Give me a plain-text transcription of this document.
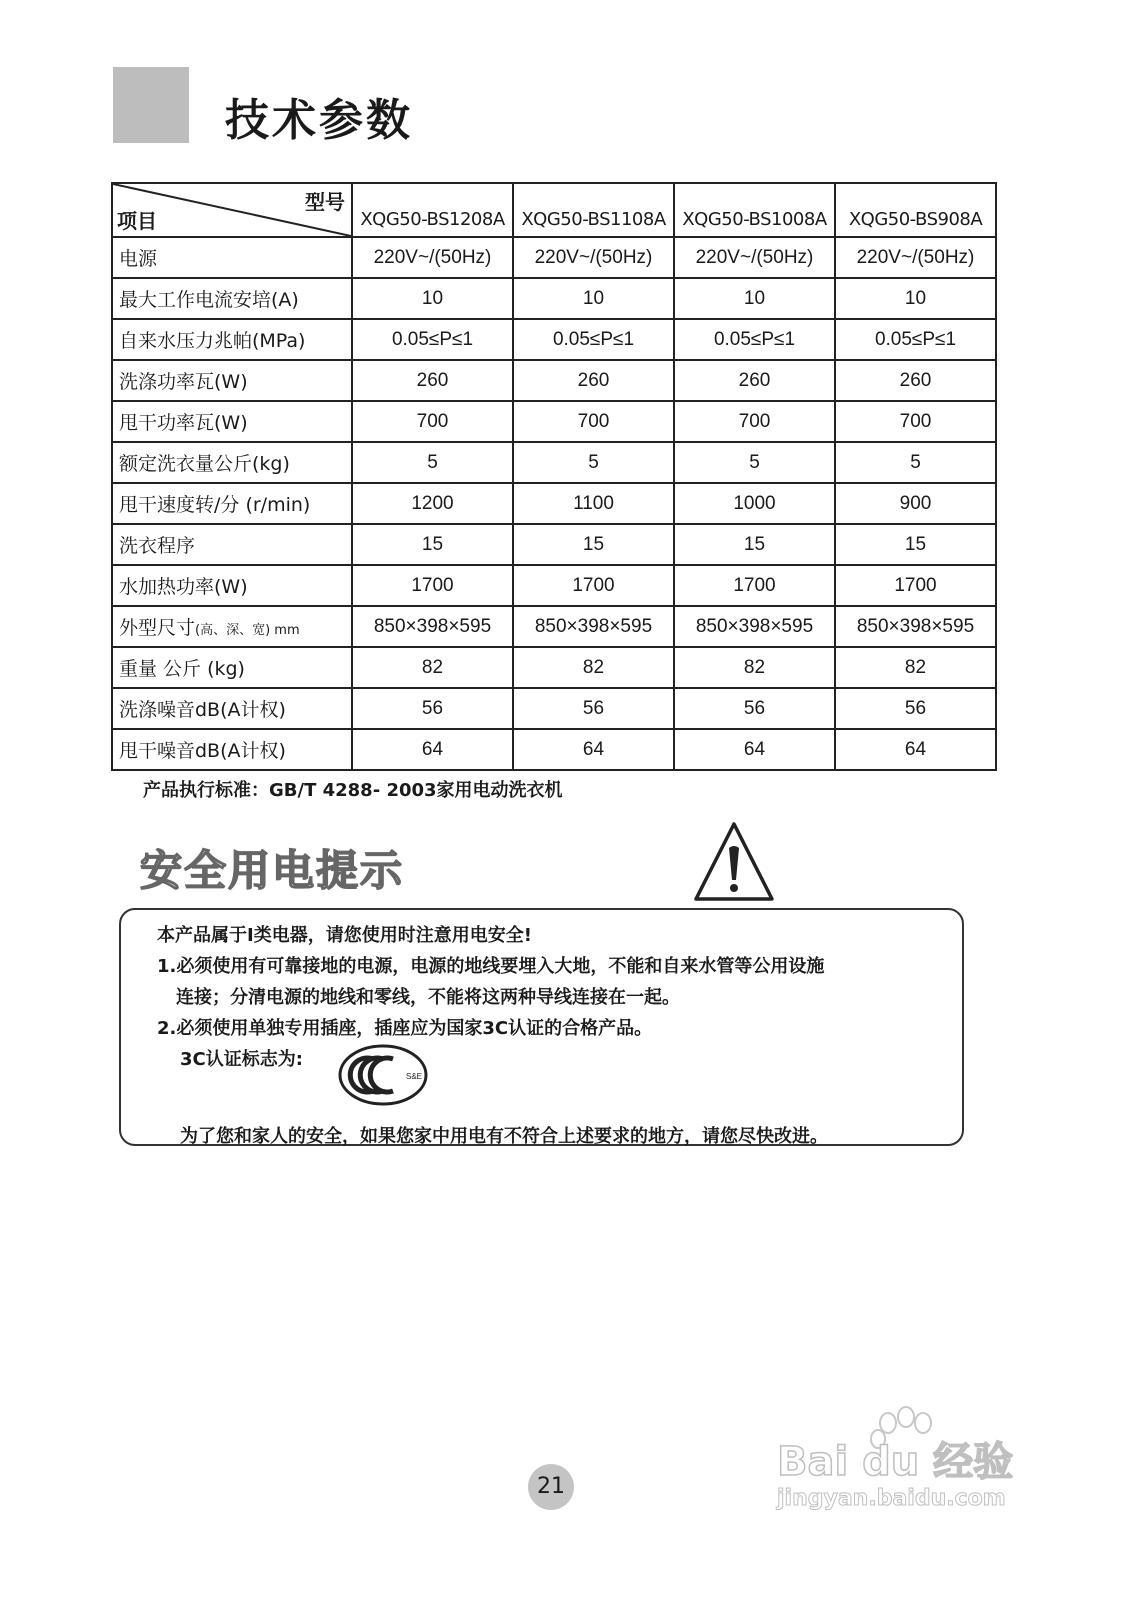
技术参数
型号
项目	XQG50-BS1208A	XQG50-BS1108A	XQG50-BS1008A	XQG50-BS908A
电源	220V~/(50Hz)	220V~/(50Hz)	220V~/(50Hz)	220V~/(50Hz)
最大工作电流安培(A)	10	10	10	10
自来水压力兆帕(MPa)	0.05≤P≤1	0.05≤P≤1	0.05≤P≤1	0.05≤P≤1
洗涤功率瓦(W)	260	260	260	260
甩干功率瓦(W)	700	700	700	700
额定洗衣量公斤(kg)	5	5	5	5
甩干速度转/分 (r/min)	1200	1100	1000	900
洗衣程序	15	15	15	15
水加热功率(W)	1700	1700	1700	1700
外型尺寸(高、深、宽) mm	850×398×595	850×398×595	850×398×595	850×398×595
重量 公斤 (kg)	82	82	82	82
洗涤噪音dB(A计权)	56	56	56	56
甩干噪音dB(A计权)	64	64	64	64
产品执行标准：GB/T 4288- 2003家用电动洗衣机
安全用电提示
本产品属于I类电器，请您使用时注意用电安全!
1.必须使用有可靠接地的电源，电源的地线要埋入大地，不能和自来水管等公用设施
连接；分清电源的地线和零线，不能将这两种导线连接在一起。
2.必须使用单独专用插座，插座应为国家3C认证的合格产品。
3C认证标志为:
S&E
为了您和家人的安全，如果您家中用电有不符合上述要求的地方，请您尽快改进。
Bai du 经验
jingyan.baidu.com
21
